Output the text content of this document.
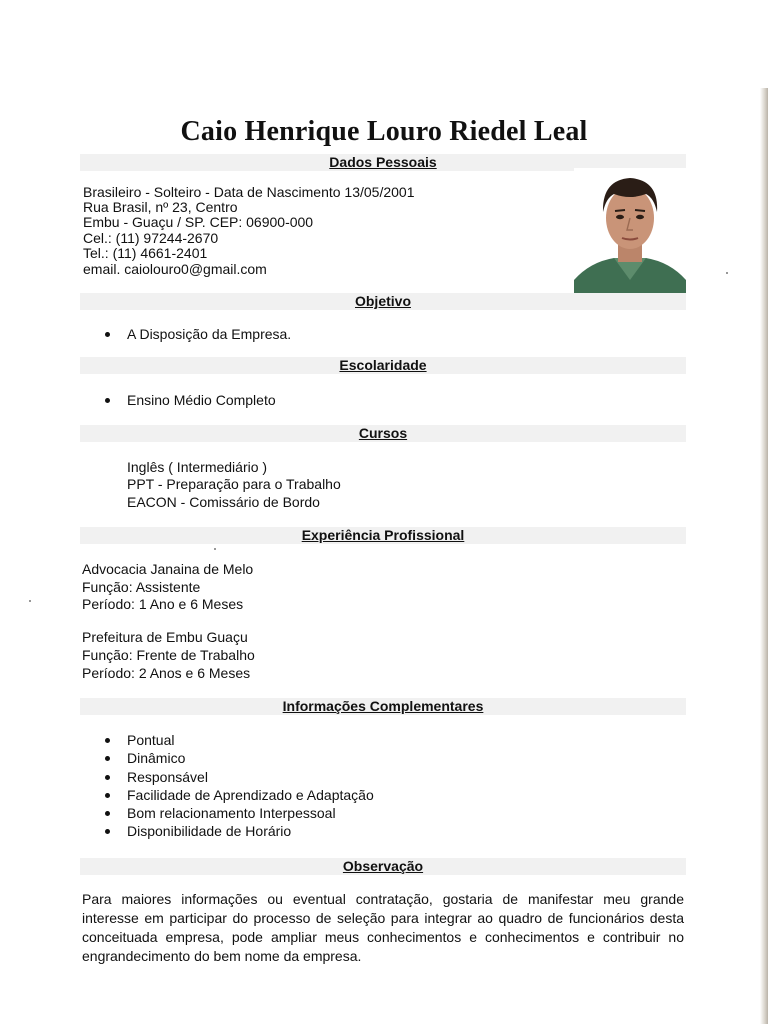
Caio Henrique Louro Riedel Leal
Dados Pessoais
Brasileiro - Solteiro - Data de Nascimento 13/05/2001
Rua Brasil, nº 23, Centro
Embu - Guaçu / SP. CEP: 06900-000
Cel.: (11) 97244-2670
Tel.: (11) 4661-2401
email. caiolouro0@gmail.com
Objetivo
A Disposição da Empresa.
Escolaridade
Ensino Médio Completo
Cursos
Inglês ( Intermediário )
PPT - Preparação para o Trabalho
EACON - Comissário de Bordo
Experiência Profissional
Advocacia Janaina de Melo
Função: Assistente
Período: 1 Ano e 6 Meses
Prefeitura de Embu Guaçu
Função: Frente de Trabalho
Período: 2 Anos e 6 Meses
Informações Complementares
Pontual
Dinâmico
Responsável
Facilidade de Aprendizado e Adaptação
Bom relacionamento Interpessoal
Disponibilidade de Horário
Observação
Para maiores informações ou eventual contratação, gostaria de manifestar meu grande interesse em participar do processo de seleção para integrar ao quadro de funcionários desta conceituada empresa, pode ampliar meus conhecimentos e conhecimentos e contribuir no engrandecimento do bem nome da empresa.
